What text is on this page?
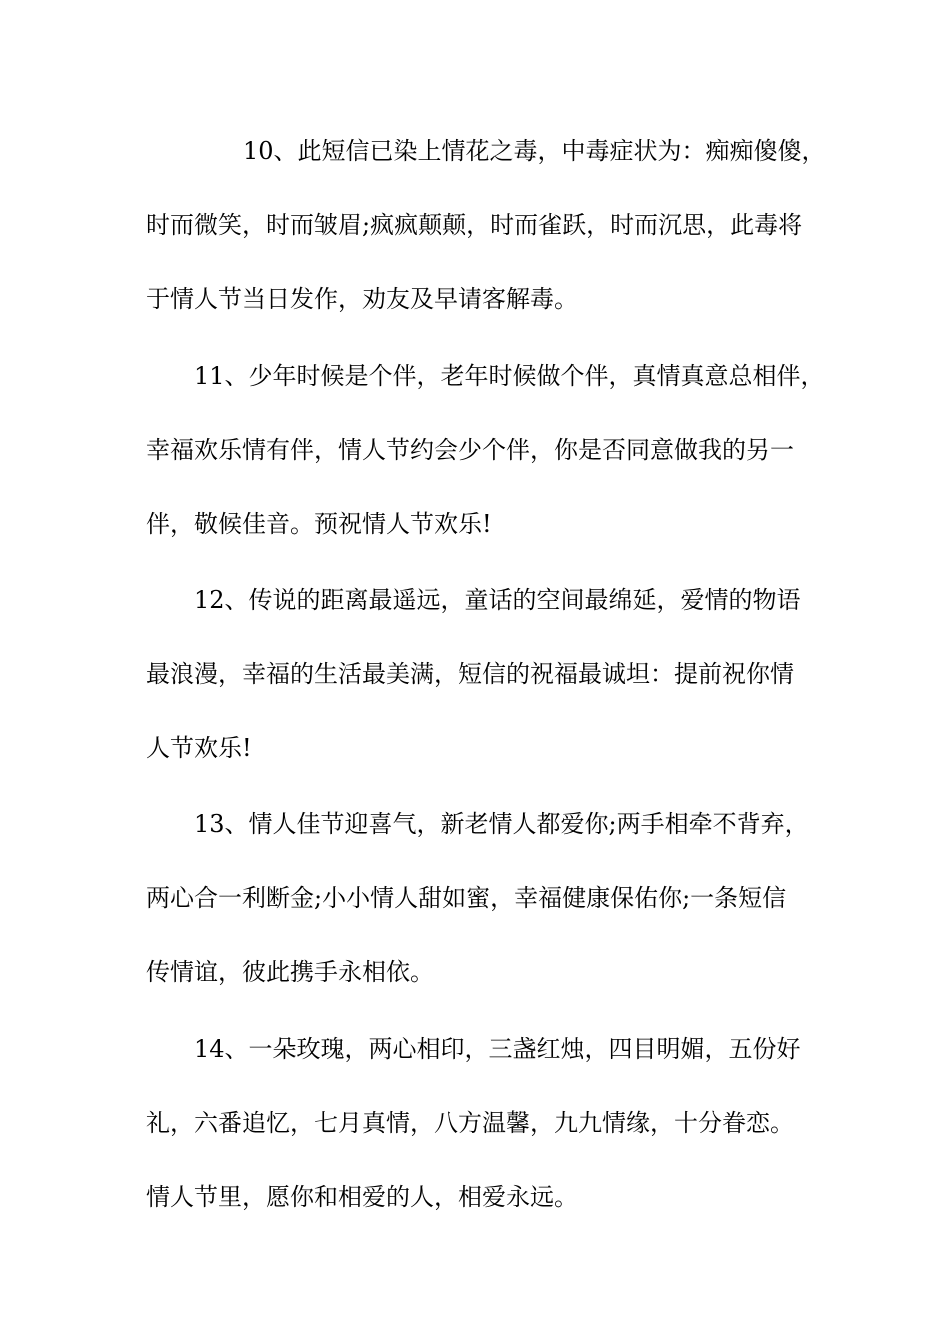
10、此短信已染上情花之毒，中毒症状为：痴痴傻傻，
时而微笑，时而皱眉;疯疯颠颠，时而雀跃，时而沉思，此毒将
于情人节当日发作，劝友及早请客解毒。
11、少年时候是个伴，老年时候做个伴，真情真意总相伴，
幸福欢乐情有伴，情人节约会少个伴，你是否同意做我的另一
伴，敬候佳音。预祝情人节欢乐!
12、传说的距离最遥远，童话的空间最绵延，爱情的物语
最浪漫，幸福的生活最美满，短信的祝福最诚坦：提前祝你情
人节欢乐!
13、情人佳节迎喜气，新老情人都爱你;两手相牵不背弃，
两心合一利断金;小小情人甜如蜜，幸福健康保佑你;一条短信
传情谊，彼此携手永相依。
14、一朵玫瑰，两心相印，三盏红烛，四目明媚，五份好
礼，六番追忆，七月真情，八方温馨，九九情缘，十分眷恋。
情人节里，愿你和相爱的人，相爱永远。
